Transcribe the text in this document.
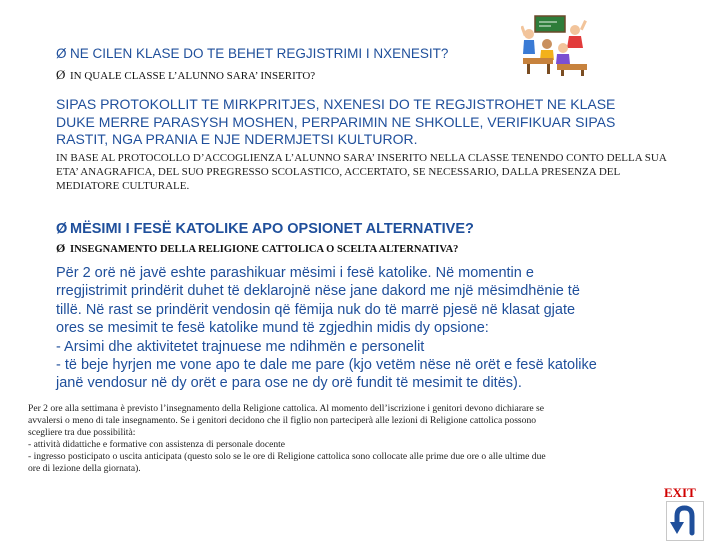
Ø NE CILEN KLASE DO TE BEHET REGJISTRIMI I NXENESIT?
Ø IN QUALE CLASSE L’ALUNNO SARA’ INSERITO?
SIPAS PROTOKOLLIT TE MIRKPRITJES, NXENESI DO TE REGJISTROHET NE KLASE DUKE MERRE PARASYSH MOSHEN, PERPARIMIN NE SHKOLLE, VERIFIKUAR SIPAS RASTIT, NGA PRANIA E NJE NDERMJETSI KULTUROR.
IN BASE AL PROTOCOLLO D’ACCOGLIENZA L’ALUNNO SARA’ INSERITO NELLA CLASSE TENENDO CONTO DELLA SUA ETA’ ANAGRAFICA, DEL SUO PREGRESSO SCOLASTICO, ACCERTATO, SE NECESSARIO, DALLA PRESENZA DEL MEDIATORE CULTURALE.
Ø MËSIMI I FESË KATOLIKE APO OPSIONET ALTERNATIVE?
Ø INSEGNAMENTO DELLA RELIGIONE CATTOLICA O SCELTA ALTERNATIVA?
Për 2 orë në javë eshte parashikuar mësimi i fesë katolike. Në momentin e
rregjistrimit prindërit duhet të deklarojnë nëse jane dakord me një mësimdhënie të
tillë. Në rast se prindërit vendosin që fëmija nuk do të marrë pjesë në klasat gjate
ores se mesimit te fesë katolike mund të zgjedhin midis dy opsione:
- Arsimi dhe aktivitetet trajnuese me ndihmën e personelit
- të beje hyrjen me vone apo te dale me pare (kjo vetëm nëse në orët e fesë katolike
janë vendosur në dy orët e para ose ne dy orë fundit të mesimit te ditës).
Per 2 ore alla settimana è previsto l’insegnamento della Religione cattolica. Al momento dell’iscrizione i genitori devono dichiarare se
avvalersi o meno di tale insegnamento. Se i genitori decidono che il figlio non parteciperà alle lezioni di Religione cattolica possono
scegliere tra due possibilità:
- attività didattiche e formative con assistenza di personale docente
- ingresso posticipato o uscita anticipata (questo solo se le ore di Religione cattolica sono collocate alle prime due ore o alle ultime due
ore di lezione della giornata).
EXIT
